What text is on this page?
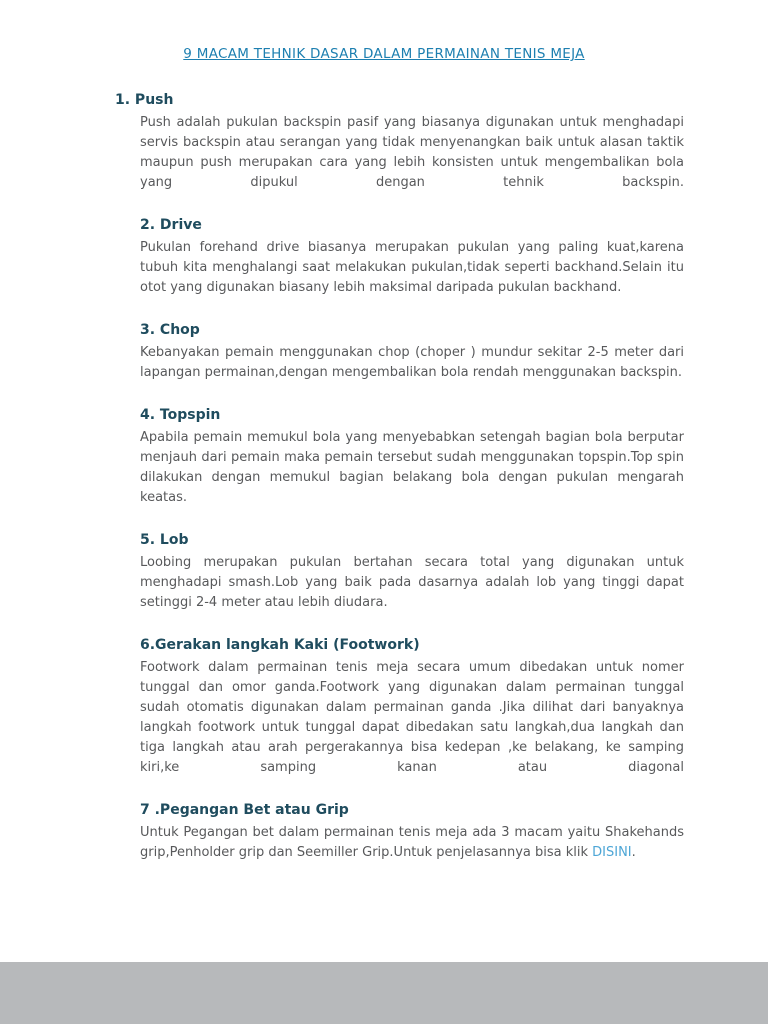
9 MACAM TEHNIK DASAR DALAM PERMAINAN TENIS MEJA
1. Push

Push adalah pukulan backspin pasif yang biasanya digunakan untuk menghadapi servis backspin atau serangan yang tidak menyenangkan baik untuk alasan taktik maupun push merupakan cara yang lebih konsisten untuk mengembalikan bola yang dipukul dengan tehnik backspin.

2. Drive

Pukulan forehand drive biasanya merupakan pukulan yang paling kuat,karena tubuh kita menghalangi saat melakukan pukulan,tidak seperti backhand.Selain itu otot yang digunakan biasany lebih maksimal daripada pukulan backhand.

3. Chop

Kebanyakan pemain menggunakan chop (choper ) mundur sekitar 2-5 meter dari lapangan permainan,dengan mengembalikan bola rendah menggunakan backspin.

4. Topspin

Apabila pemain memukul bola yang menyebabkan setengah bagian bola berputar menjauh dari pemain maka pemain tersebut sudah menggunakan topspin.Top spin dilakukan dengan memukul bagian belakang bola dengan pukulan mengarah keatas.

5. Lob

Loobing merupakan pukulan bertahan secara total yang digunakan untuk menghadapi smash.Lob yang baik pada dasarnya adalah lob yang tinggi dapat setinggi 2-4 meter atau lebih diudara.

6.Gerakan langkah Kaki (Footwork)

Footwork dalam permainan tenis meja secara umum dibedakan untuk nomer tunggal dan omor ganda.Footwork yang digunakan dalam permainan tunggal sudah otomatis digunakan dalam permainan ganda .Jika dilihat dari banyaknya langkah footwork untuk tunggal dapat dibedakan satu langkah,dua langkah dan tiga langkah atau arah pergerakannya bisa kedepan ,ke belakang, ke samping kiri,ke samping kanan atau diagonal

7 .Pegangan Bet atau Grip

Untuk Pegangan bet dalam permainan tenis meja ada 3 macam yaitu Shakehands grip,Penholder grip dan Seemiller Grip.Untuk penjelasannya bisa klik DISINI.
